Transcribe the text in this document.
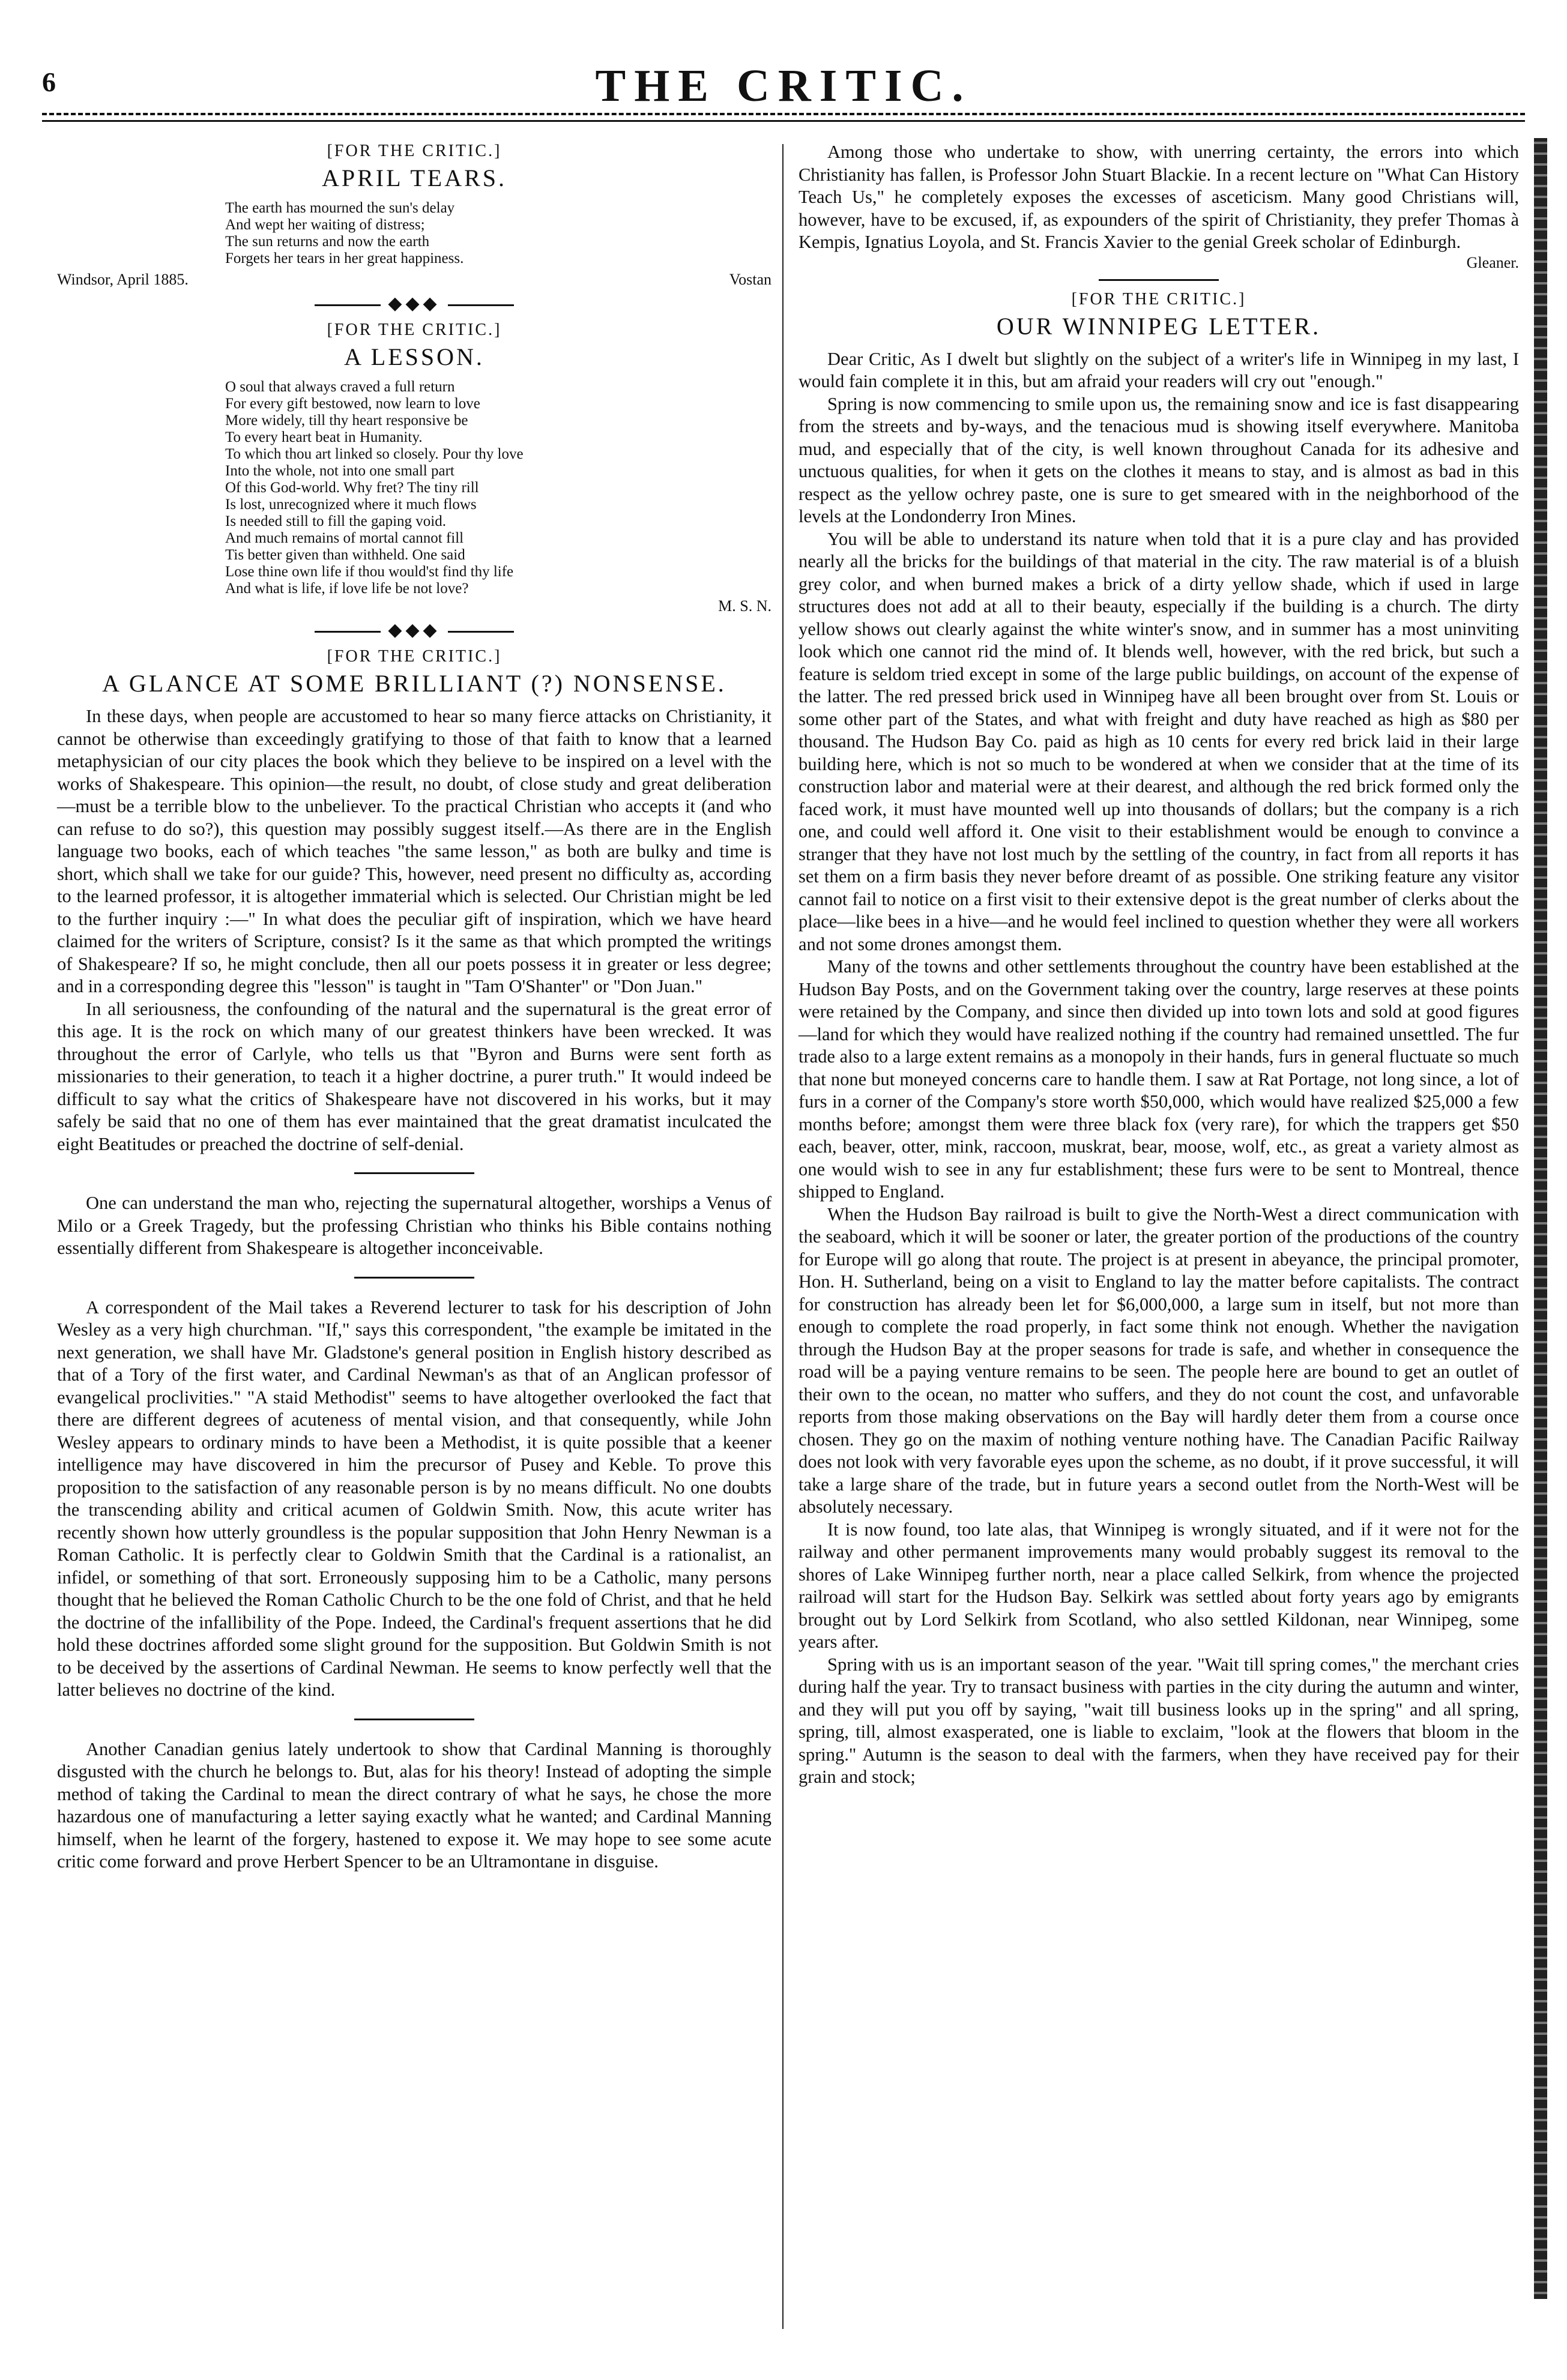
6	THE CRITIC.

[FOR THE CRITIC.]

APRIL TEARS.

The earth has mourned the sun's delay
And wept her waiting of distress;
The sun returns and now the earth
Forgets her tears in her great happiness.
Windsor, April 1885.	Vostan
◆◆◆

[FOR THE CRITIC.]

A LESSON.

O soul that always craved a full return
For every gift bestowed, now learn to love
More widely, till thy heart responsive be
To every heart beat in Humanity.
To which thou art linked so closely. Pour thy love
Into the whole, not into one small part
Of this God-world. Why fret? The tiny rill
Is lost, unrecognized where it much flows
Is needed still to fill the gaping void.
And much remains of mortal cannot fill
Tis better given than withheld. One said
Lose thine own life if thou would'st find thy life
And what is life, if love life be not love?

M. S. N.

◆◆◆

[FOR THE CRITIC.]

A GLANCE AT SOME BRILLIANT (?) NONSENSE.

In these days, when people are accustomed to hear so many fierce attacks on Christianity, it cannot be otherwise than exceedingly gratifying to those of that faith to know that a learned metaphysician of our city places the book which they believe to be inspired on a level with the works of Shakespeare. This opinion—the result, no doubt, of close study and great deliberation—must be a terrible blow to the unbeliever. To the practical Christian who accepts it (and who can refuse to do so?), this question may possibly suggest itself.—As there are in the English language two books, each of which teaches "the same lesson," as both are bulky and time is short, which shall we take for our guide? This, however, need present no difficulty as, according to the learned professor, it is altogether immaterial which is selected. Our Christian might be led to the further inquiry :—" In what does the peculiar gift of inspiration, which we have heard claimed for the writers of Scripture, consist? Is it the same as that which prompted the writings of Shakespeare? If so, he might conclude, then all our poets possess it in greater or less degree; and in a corresponding degree this "lesson" is taught in "Tam O'Shanter" or "Don Juan."

In all seriousness, the confounding of the natural and the supernatural is the great error of this age. It is the rock on which many of our greatest thinkers have been wrecked. It was throughout the error of Carlyle, who tells us that "Byron and Burns were sent forth as missionaries to their generation, to teach it a higher doctrine, a purer truth." It would indeed be difficult to say what the critics of Shakespeare have not discovered in his works, but it may safely be said that no one of them has ever maintained that the great dramatist inculcated the eight Beatitudes or preached the doctrine of self-denial.

One can understand the man who, rejecting the supernatural altogether, worships a Venus of Milo or a Greek Tragedy, but the professing Christian who thinks his Bible contains nothing essentially different from Shakespeare is altogether inconceivable.

A correspondent of the Mail takes a Reverend lecturer to task for his description of John Wesley as a very high churchman. "If," says this correspondent, "the example be imitated in the next generation, we shall have Mr. Gladstone's general position in English history described as that of a Tory of the first water, and Cardinal Newman's as that of an Anglican professor of evangelical proclivities." "A staid Methodist" seems to have altogether overlooked the fact that there are different degrees of acuteness of mental vision, and that consequently, while John Wesley appears to ordinary minds to have been a Methodist, it is quite possible that a keener intelligence may have discovered in him the precursor of Pusey and Keble. To prove this proposition to the satisfaction of any reasonable person is by no means difficult. No one doubts the transcending ability and critical acumen of Goldwin Smith. Now, this acute writer has recently shown how utterly groundless is the popular supposition that John Henry Newman is a Roman Catholic. It is perfectly clear to Goldwin Smith that the Cardinal is a rationalist, an infidel, or something of that sort. Erroneously supposing him to be a Catholic, many persons thought that he believed the Roman Catholic Church to be the one fold of Christ, and that he held the doctrine of the infallibility of the Pope. Indeed, the Cardinal's frequent assertions that he did hold these doctrines afforded some slight ground for the supposition. But Goldwin Smith is not to be deceived by the assertions of Cardinal Newman. He seems to know perfectly well that the latter believes no doctrine of the kind.

Another Canadian genius lately undertook to show that Cardinal Manning is thoroughly disgusted with the church he belongs to. But, alas for his theory! Instead of adopting the simple method of taking the Cardinal to mean the direct contrary of what he says, he chose the more hazardous one of manufacturing a letter saying exactly what he wanted; and Cardinal Manning himself, when he learnt of the forgery, hastened to expose it. We may hope to see some acute critic come forward and prove Herbert Spencer to be an Ultramontane in disguise.

Among those who undertake to show, with unerring certainty, the errors into which Christianity has fallen, is Professor John Stuart Blackie. In a recent lecture on "What Can History Teach Us," he completely exposes the excesses of asceticism. Many good Christians will, however, have to be excused, if, as expounders of the spirit of Christianity, they prefer Thomas à Kempis, Ignatius Loyola, and St. Francis Xavier to the genial Greek scholar of Edinburgh.

Gleaner.

[FOR THE CRITIC.]

OUR WINNIPEG LETTER.

Dear Critic, As I dwelt but slightly on the subject of a writer's life in Winnipeg in my last, I would fain complete it in this, but am afraid your readers will cry out "enough."

Spring is now commencing to smile upon us, the remaining snow and ice is fast disappearing from the streets and by-ways, and the tenacious mud is showing itself everywhere. Manitoba mud, and especially that of the city, is well known throughout Canada for its adhesive and unctuous qualities, for when it gets on the clothes it means to stay, and is almost as bad in this respect as the yellow ochrey paste, one is sure to get smeared with in the neighborhood of the levels at the Londonderry Iron Mines.

You will be able to understand its nature when told that it is a pure clay and has provided nearly all the bricks for the buildings of that material in the city. The raw material is of a bluish grey color, and when burned makes a brick of a dirty yellow shade, which if used in large structures does not add at all to their beauty, especially if the building is a church. The dirty yellow shows out clearly against the white winter's snow, and in summer has a most uninviting look which one cannot rid the mind of. It blends well, however, with the red brick, but such a feature is seldom tried except in some of the large public buildings, on account of the expense of the latter. The red pressed brick used in Winnipeg have all been brought over from St. Louis or some other part of the States, and what with freight and duty have reached as high as $80 per thousand. The Hudson Bay Co. paid as high as 10 cents for every red brick laid in their large building here, which is not so much to be wondered at when we consider that at the time of its construction labor and material were at their dearest, and although the red brick formed only the faced work, it must have mounted well up into thousands of dollars; but the company is a rich one, and could well afford it. One visit to their establishment would be enough to convince a stranger that they have not lost much by the settling of the country, in fact from all reports it has set them on a firm basis they never before dreamt of as possible. One striking feature any visitor cannot fail to notice on a first visit to their extensive depot is the great number of clerks about the place—like bees in a hive—and he would feel inclined to question whether they were all workers and not some drones amongst them.

Many of the towns and other settlements throughout the country have been established at the Hudson Bay Posts, and on the Government taking over the country, large reserves at these points were retained by the Company, and since then divided up into town lots and sold at good figures—land for which they would have realized nothing if the country had remained unsettled. The fur trade also to a large extent remains as a monopoly in their hands, furs in general fluctuate so much that none but moneyed concerns care to handle them. I saw at Rat Portage, not long since, a lot of furs in a corner of the Company's store worth $50,000, which would have realized $25,000 a few months before; amongst them were three black fox (very rare), for which the trappers get $50 each, beaver, otter, mink, raccoon, muskrat, bear, moose, wolf, etc., as great a variety almost as one would wish to see in any fur establishment; these furs were to be sent to Montreal, thence shipped to England.

When the Hudson Bay railroad is built to give the North-West a direct communication with the seaboard, which it will be sooner or later, the greater portion of the productions of the country for Europe will go along that route. The project is at present in abeyance, the principal promoter, Hon. H. Sutherland, being on a visit to England to lay the matter before capitalists. The contract for construction has already been let for $6,000,000, a large sum in itself, but not more than enough to complete the road properly, in fact some think not enough. Whether the navigation through the Hudson Bay at the proper seasons for trade is safe, and whether in consequence the road will be a paying venture remains to be seen. The people here are bound to get an outlet of their own to the ocean, no matter who suffers, and they do not count the cost, and unfavorable reports from those making observations on the Bay will hardly deter them from a course once chosen. They go on the maxim of nothing venture nothing have. The Canadian Pacific Railway does not look with very favorable eyes upon the scheme, as no doubt, if it prove successful, it will take a large share of the trade, but in future years a second outlet from the North-West will be absolutely necessary.

It is now found, too late alas, that Winnipeg is wrongly situated, and if it were not for the railway and other permanent improvements many would probably suggest its removal to the shores of Lake Winnipeg further north, near a place called Selkirk, from whence the projected railroad will start for the Hudson Bay. Selkirk was settled about forty years ago by emigrants brought out by Lord Selkirk from Scotland, who also settled Kildonan, near Winnipeg, some years after.

Spring with us is an important season of the year. "Wait till spring comes," the merchant cries during half the year. Try to transact business with parties in the city during the autumn and winter, and they will put you off by saying, "wait till business looks up in the spring" and all spring, spring, till, almost exasperated, one is liable to exclaim, "look at the flowers that bloom in the spring." Autumn is the season to deal with the farmers, when they have received pay for their grain and stock;
